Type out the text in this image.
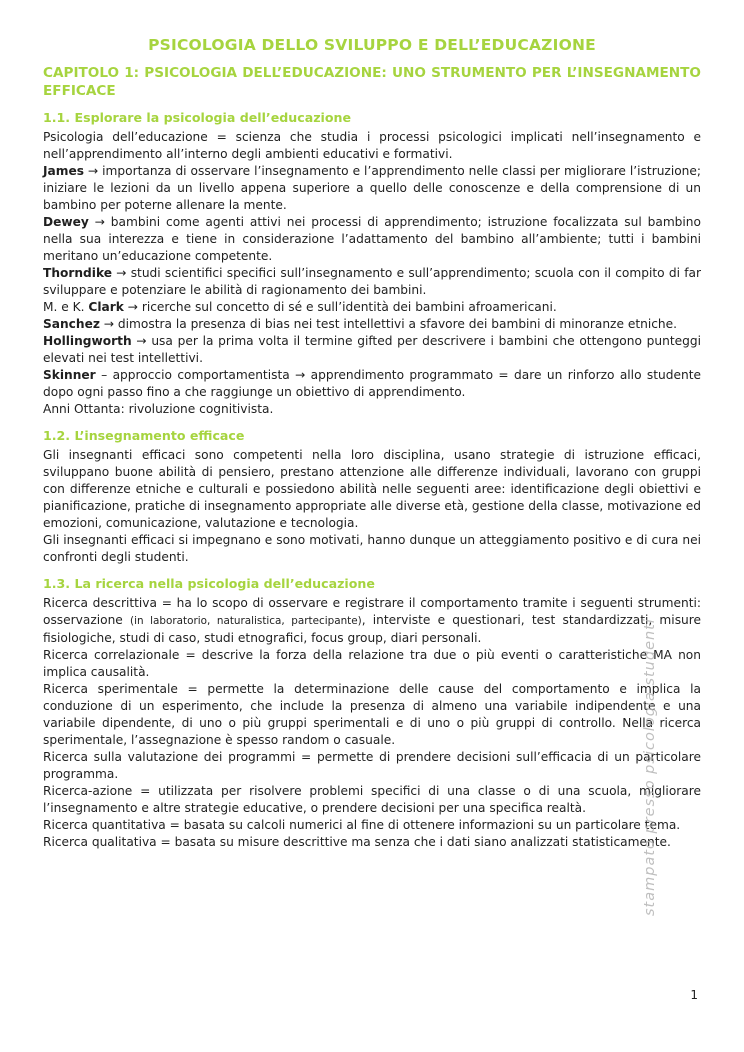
PSICOLOGIA DELLO SVILUPPO E DELL’EDUCAZIONE
CAPITOLO 1: PSICOLOGIA DELL’EDUCAZIONE: UNO STRUMENTO PER L’INSEGNAMENTO EFFICACE
1.1. Esplorare la psicologia dell’educazione

Psicologia dell’educazione = scienza che studia i processi psicologici implicati nell’insegnamento e nell’apprendimento all’interno degli ambienti educativi e formativi.

James → importanza di osservare l’insegnamento e l’apprendimento nelle classi per migliorare l’istruzione; iniziare le lezioni da un livello appena superiore a quello delle conoscenze e della comprensione di un bambino per poterne allenare la mente.

Dewey → bambini come agenti attivi nei processi di apprendimento; istruzione focalizzata sul bambino nella sua interezza e tiene in considerazione l’adattamento del bambino all’ambiente; tutti i bambini meritano un’educazione competente.

Thorndike → studi scientifici specifici sull’insegnamento e sull’apprendimento; scuola con il compito di far sviluppare e potenziare le abilità di ragionamento dei bambini.

M. e K. Clark → ricerche sul concetto di sé e sull’identità dei bambini afroamericani.

Sanchez → dimostra la presenza di bias nei test intellettivi a sfavore dei bambini di minoranze etniche.

Hollingworth → usa per la prima volta il termine gifted per descrivere i bambini che ottengono punteggi elevati nei test intellettivi.

Skinner – approccio comportamentista → apprendimento programmato = dare un rinforzo allo studente dopo ogni passo fino a che raggiunge un obiettivo di apprendimento.

Anni Ottanta: rivoluzione cognitivista.

1.2. L’insegnamento efficace

Gli insegnanti efficaci sono competenti nella loro disciplina, usano strategie di istruzione efficaci, sviluppano buone abilità di pensiero, prestano attenzione alle differenze individuali, lavorano con gruppi con differenze etniche e culturali e possiedono abilità nelle seguenti aree: identificazione degli obiettivi e pianificazione, pratiche di insegnamento appropriate alle diverse età, gestione della classe, motivazione ed emozioni, comunicazione, valutazione e tecnologia.

Gli insegnanti efficaci si impegnano e sono motivati, hanno dunque un atteggiamento positivo e di cura nei confronti degli studenti.

1.3. La ricerca nella psicologia dell’educazione

Ricerca descrittiva = ha lo scopo di osservare e registrare il comportamento tramite i seguenti strumenti: osservazione (in laboratorio, naturalistica, partecipante), interviste e questionari, test standardizzati, misure fisiologiche, studi di caso, studi etnografici, focus group, diari personali.

Ricerca correlazionale = descrive la forza della relazione tra due o più eventi o caratteristiche MA non implica causalità.

Ricerca sperimentale = permette la determinazione delle cause del comportamento e implica la conduzione di un esperimento, che include la presenza di almeno una variabile indipendente e una variabile dipendente, di uno o più gruppi sperimentali e di uno o più gruppi di controllo. Nella ricerca sperimentale, l’assegnazione è spesso random o casuale.

Ricerca sulla valutazione dei programmi = permette di prendere decisioni sull’efficacia di un particolare programma.

Ricerca-azione = utilizzata per risolvere problemi specifici di una classe o di una scuola, migliorare l’insegnamento e altre strategie educative, o prendere decisioni per una specifica realtà.

Ricerca quantitativa = basata su calcoli numerici al fine di ottenere informazioni su un particolare tema.

Ricerca qualitativa = basata su misure descrittive ma senza che i dati siano analizzati statisticamente.

stampato presso psicologia studenti
1
